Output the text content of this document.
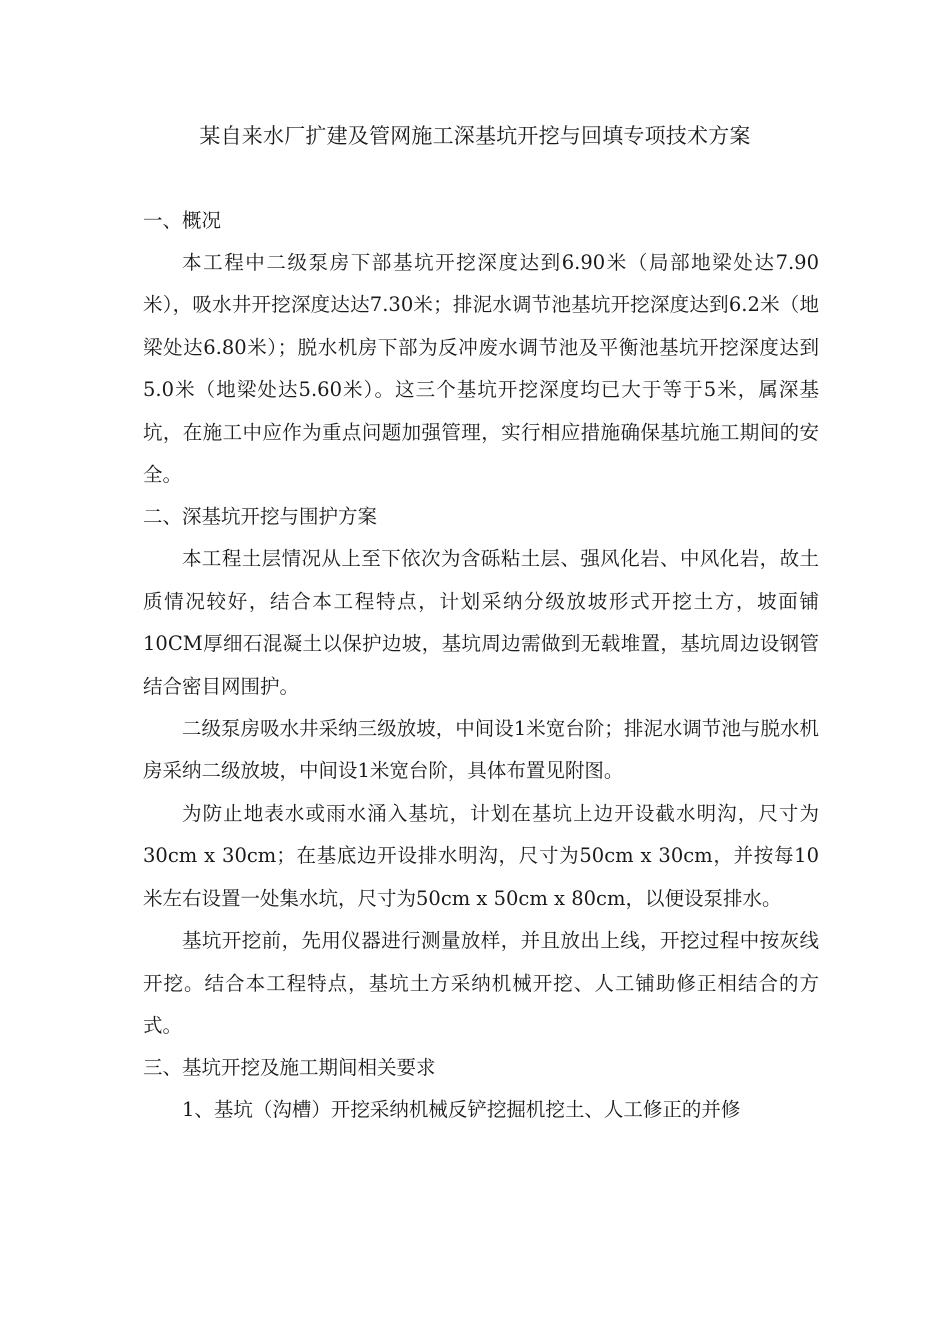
某自来水厂扩建及管网施工深基坑开挖与回填专项技术方案
一、概况

本工程中二级泵房下部基坑开挖深度达到6.90米（局部地梁处达7.90米），吸水井开挖深度达达7.30米；排泥水调节池基坑开挖深度达到6.2米（地梁处达6.80米）；脱水机房下部为反冲废水调节池及平衡池基坑开挖深度达到5.0米（地梁处达5.60米）。这三个基坑开挖深度均已大于等于5米，属深基坑，在施工中应作为重点问题加强管理，实行相应措施确保基坑施工期间的安全。

二、深基坑开挖与围护方案

本工程土层情况从上至下依次为含砾粘土层、强风化岩、中风化岩，故土质情况较好，结合本工程特点，计划采纳分级放坡形式开挖土方，坡面铺10CM厚细石混凝土以保护边坡，基坑周边需做到无载堆置，基坑周边设钢管结合密目网围护。

二级泵房吸水井采纳三级放坡，中间设1米宽台阶；排泥水调节池与脱水机房采纳二级放坡，中间设1米宽台阶，具体布置见附图。

为防止地表水或雨水涌入基坑，计划在基坑上边开设截水明沟，尺寸为30cm x 30cm；在基底边开设排水明沟，尺寸为50cm x 30cm，并按每10米左右设置一处集水坑，尺寸为50cm x 50cm x 80cm，以便设泵排水。

基坑开挖前，先用仪器进行测量放样，并且放出上线，开挖过程中按灰线开挖。结合本工程特点，基坑土方采纳机械开挖、人工铺助修正相结合的方式。

三、基坑开挖及施工期间相关要求

1、基坑（沟槽）开挖采纳机械反铲挖掘机挖土、人工修正的并修
